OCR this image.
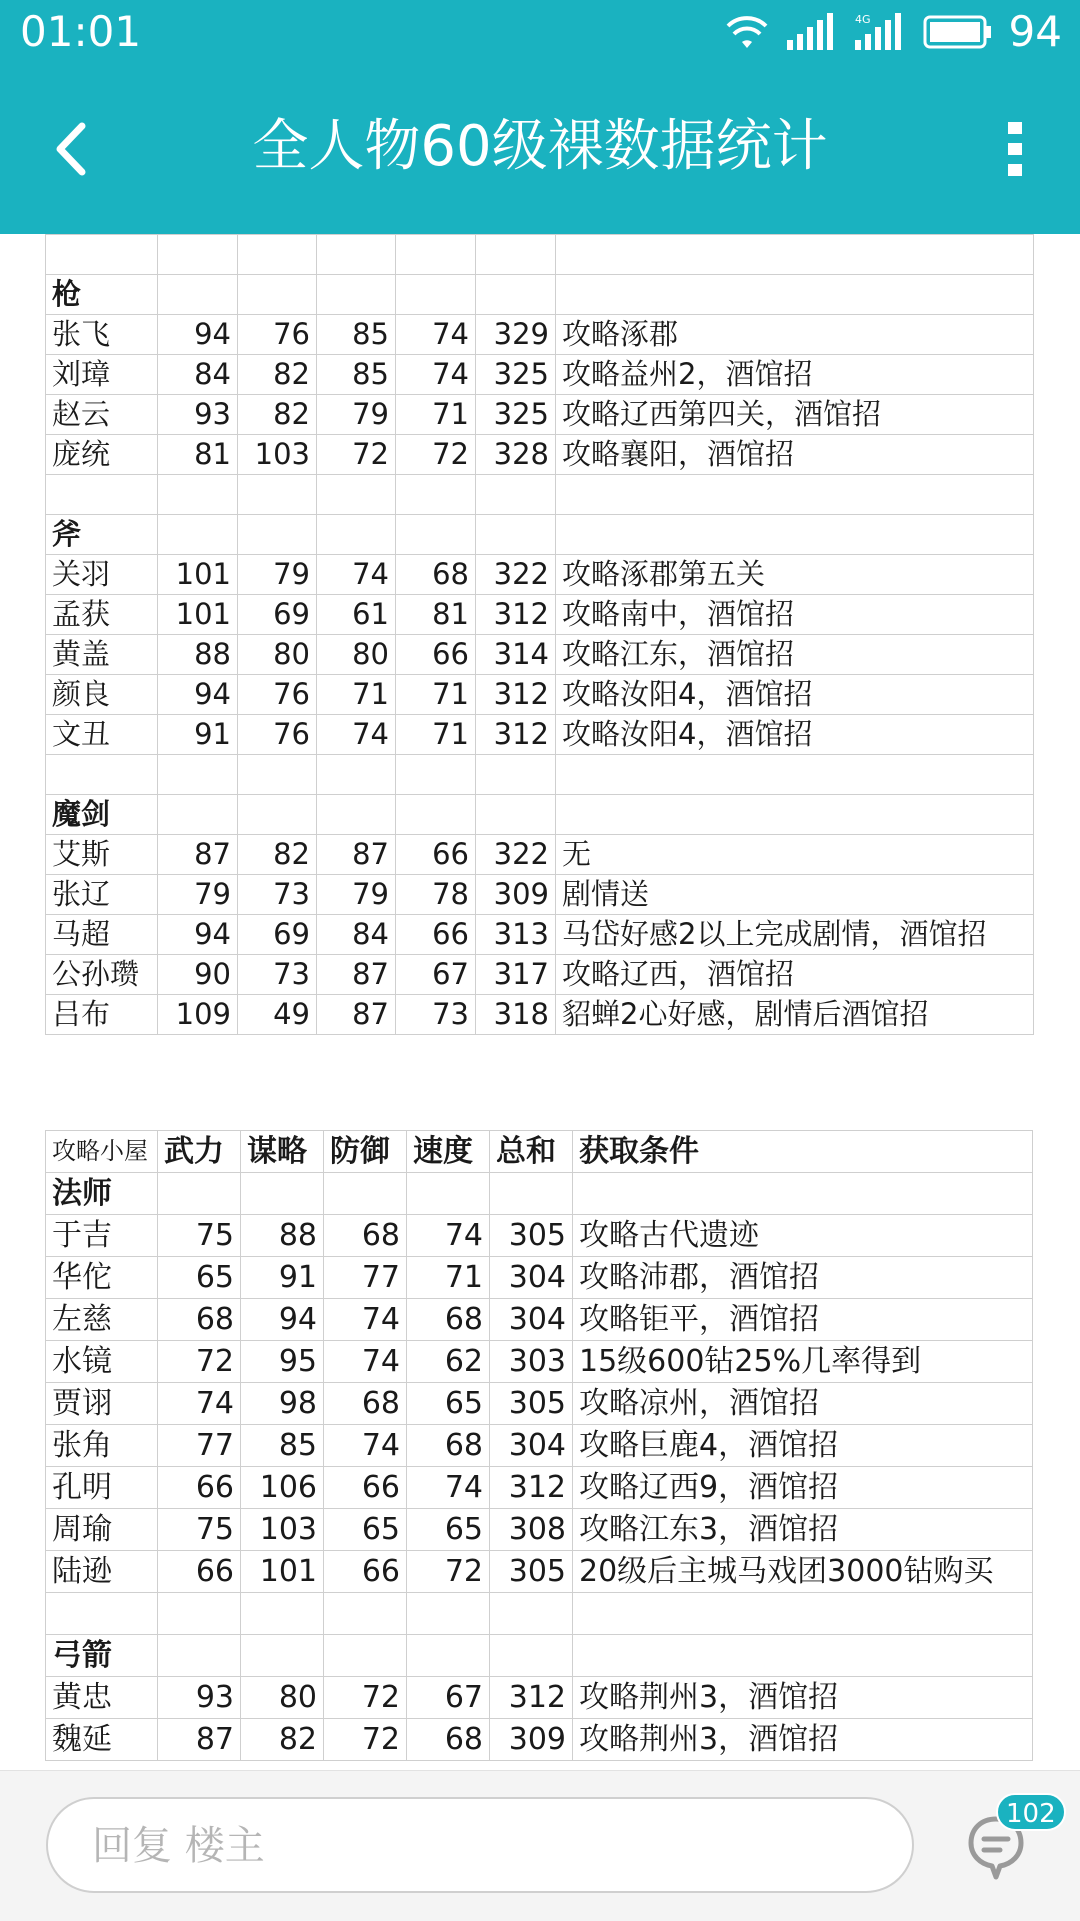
01:01	4G	94
全人物60级裸数据统计

枪						
张飞	94	76	85	74	329	攻略涿郡
刘璋	84	82	85	74	325	攻略益州2，酒馆招
赵云	93	82	79	71	325	攻略辽西第四关，酒馆招
庞统	81	103	72	72	328	攻略襄阳，酒馆招

斧						
关羽	101	79	74	68	322	攻略涿郡第五关
孟获	101	69	61	81	312	攻略南中，酒馆招
黄盖	88	80	80	66	314	攻略江东，酒馆招
颜良	94	76	71	71	312	攻略汝阳4，酒馆招
文丑	91	76	74	71	312	攻略汝阳4，酒馆招

魔剑						
艾斯	87	82	87	66	322	无
张辽	79	73	79	78	309	剧情送
马超	94	69	84	66	313	马岱好感2以上完成剧情，酒馆招
公孙瓒	90	73	87	67	317	攻略辽西，酒馆招
吕布	109	49	87	73	318	貂蝉2心好感，剧情后酒馆招
攻略小屋	武力	谋略	防御	速度	总和	获取条件
法师						
于吉	75	88	68	74	305	攻略古代遗迹
华佗	65	91	77	71	304	攻略沛郡，酒馆招
左慈	68	94	74	68	304	攻略钜平，酒馆招
水镜	72	95	74	62	303	15级600钻25%几率得到
贾诩	74	98	68	65	305	攻略凉州，酒馆招
张角	77	85	74	68	304	攻略巨鹿4，酒馆招
孔明	66	106	66	74	312	攻略辽西9，酒馆招
周瑜	75	103	65	65	308	攻略江东3，酒馆招
陆逊	66	101	66	72	305	20级后主城马戏团3000钻购买

弓箭						
黄忠	93	80	72	67	312	攻略荆州3，酒馆招
魏延	87	82	72	68	309	攻略荆州3，酒馆招
回复 楼主
102
